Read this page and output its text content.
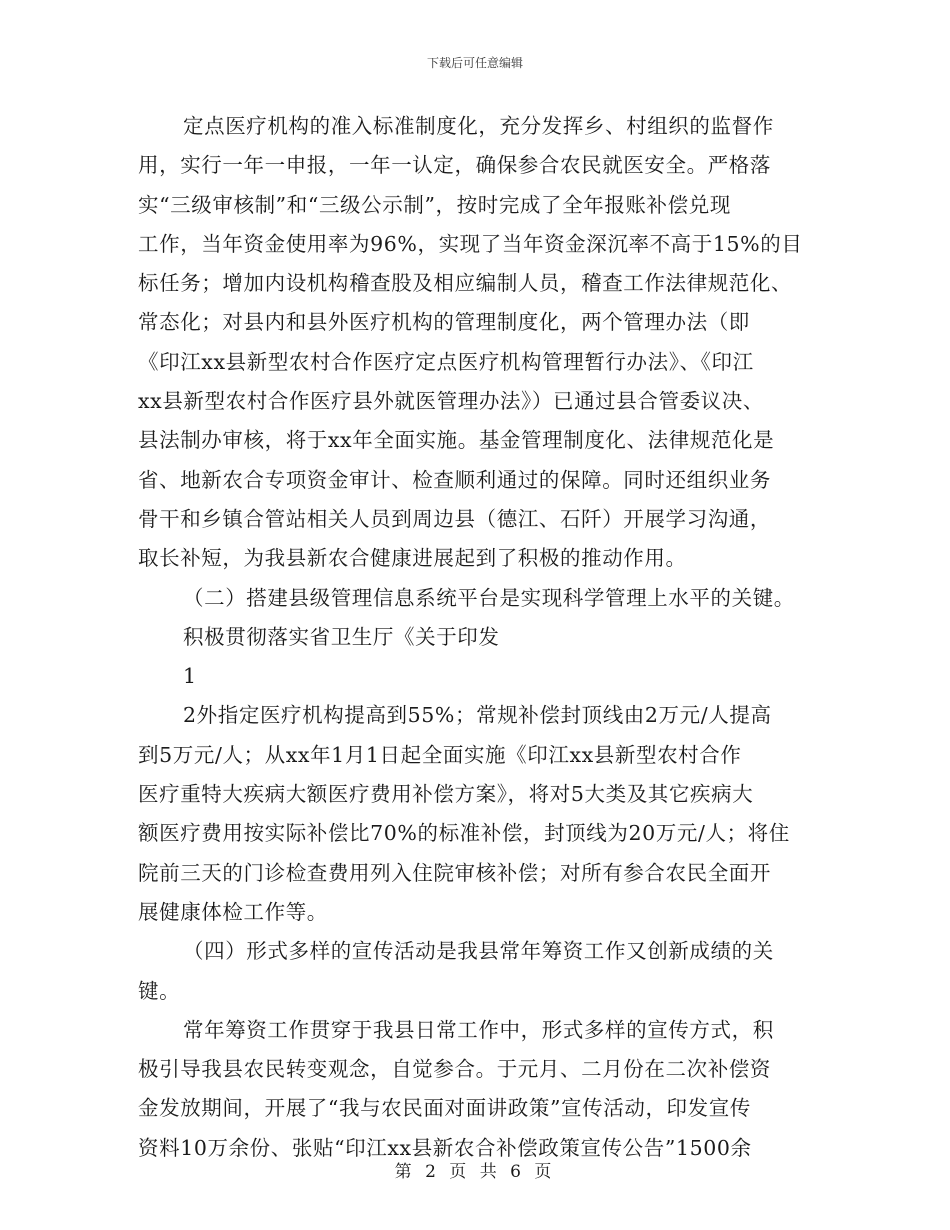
下载后可任意编辑
定点医疗机构的准入标准制度化，充分发挥乡、村组织的监督作
用，实行一年一申报，一年一认定，确保参合农民就医安全。严格落
实“三级审核制”和“三级公示制”，按时完成了全年报账补偿兑现
工作，当年资金使用率为96%，实现了当年资金深沉率不高于15%的目
标任务；增加内设机构稽查股及相应编制人员，稽查工作法律规范化、
常态化；对县内和县外医疗机构的管理制度化，两个管理办法（即
《印江xx县新型农村合作医疗定点医疗机构管理暂行办法》、《印江
xx县新型农村合作医疗县外就医管理办法》）已通过县合管委议决、
县法制办审核，将于xx年全面实施。基金管理制度化、法律规范化是
省、地新农合专项资金审计、检查顺利通过的保障。同时还组织业务
骨干和乡镇合管站相关人员到周边县（德江、石阡）开展学习沟通，
取长补短，为我县新农合健康进展起到了积极的推动作用。
（二）搭建县级管理信息系统平台是实现科学管理上水平的关键。
积极贯彻落实省卫生厅《关于印发
1
2外指定医疗机构提高到55%；常规补偿封顶线由2万元/人提高
到5万元/人；从xx年1月1日起全面实施《印江xx县新型农村合作
医疗重特大疾病大额医疗费用补偿方案》，将对5大类及其它疾病大
额医疗费用按实际补偿比70%的标准补偿，封顶线为20万元/人；将住
院前三天的门诊检查费用列入住院审核补偿；对所有参合农民全面开
展健康体检工作等。
（四）形式多样的宣传活动是我县常年筹资工作又创新成绩的关
键。
常年筹资工作贯穿于我县日常工作中，形式多样的宣传方式，积
极引导我县农民转变观念，自觉参合。于元月、二月份在二次补偿资
金发放期间，开展了“我与农民面对面讲政策”宣传活动，印发宣传
资料10万余份、张贴“印江xx县新农合补偿政策宣传公告”1500余
第 2 页 共 6 页
